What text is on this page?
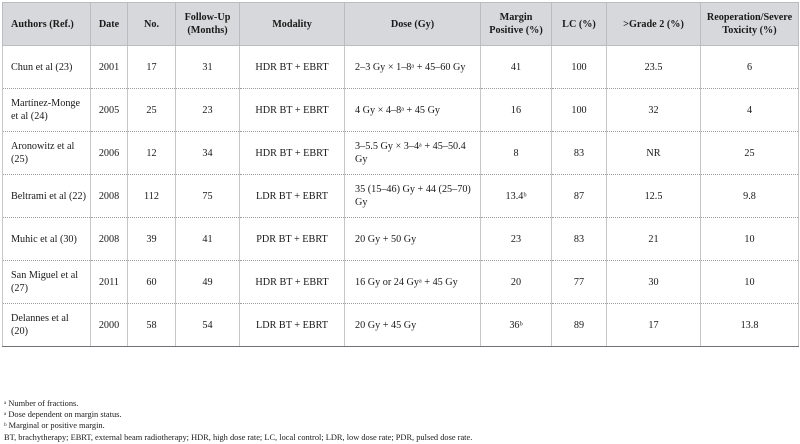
Authors (Ref.)	Date	No.	Follow-Up (Months)	Modality	Dose (Gy)	Margin Positive (%)	LC (%)	>Grade 2 (%)	Reoperation/Severe Toxicity (%)
Chun et al (23)	2001	17	31	HDR BT + EBRT	2–3 Gy × 1–8ᵃ + 45–60 Gy	41	100	23.5	6
Martínez-Monge et al (24)	2005	25	23	HDR BT + EBRT	4 Gy × 4–8ᵃ + 45 Gy	16	100	32	4
Aronowitz et al (25)	2006	12	34	HDR BT + EBRT	3–5.5 Gy × 3–4ᵃ + 45–50.4 Gy	8	83	NR	25
Beltrami et al (22)	2008	112	75	LDR BT + EBRT	35 (15–46) Gy + 44 (25–70) Gy	13.4ᵇ	87	12.5	9.8
Muhic et al (30)	2008	39	41	PDR BT + EBRT	20 Gy + 50 Gy	23	83	21	10
San Miguel et al (27)	2011	60	49	HDR BT + EBRT	16 Gy or 24 Gyᵃ + 45 Gy	20	77	30	10
Delannes et al (20)	2000	58	54	LDR BT + EBRT	20 Gy + 45 Gy	36ᵇ	89	17	13.8
ᵃ Number of fractions.
ᵃ Dose dependent on margin status.
ᵇ Marginal or positive margin.
BT, brachytherapy; EBRT, external beam radiotherapy; HDR, high dose rate; LC, local control; LDR, low dose rate; PDR, pulsed dose rate.
